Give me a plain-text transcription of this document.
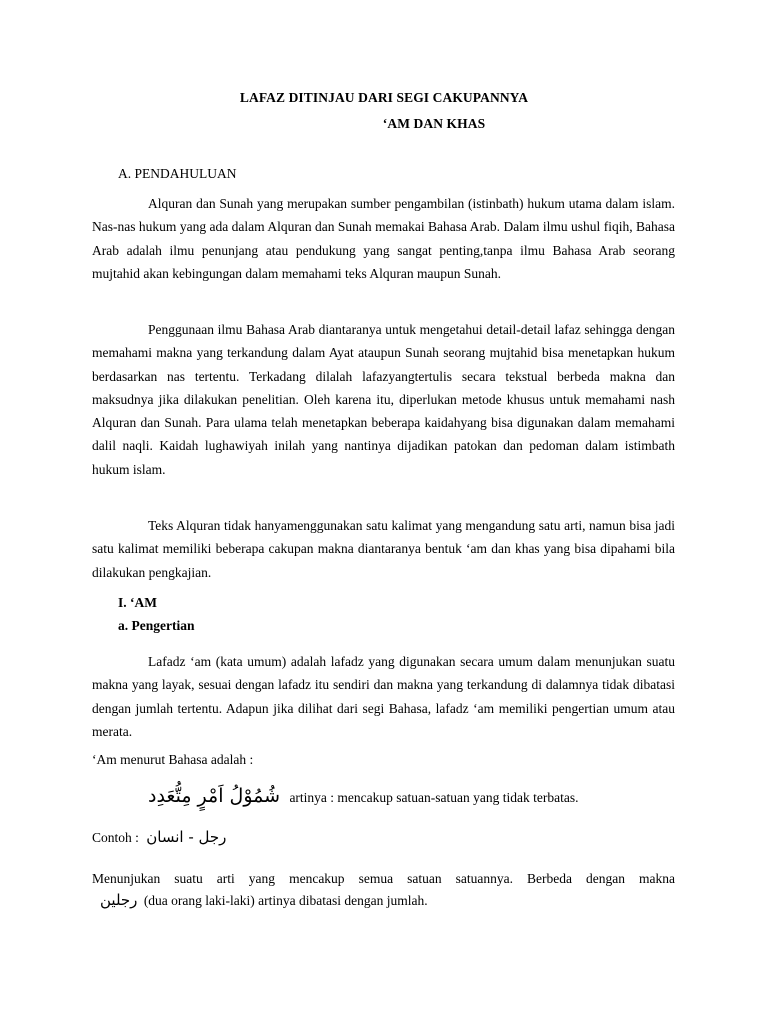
LAFAZ DITINJAU DARI SEGI CAKUPANNYA
‘AM DAN KHAS
A. PENDAHULUAN
Alquran dan Sunah yang merupakan sumber pengambilan (istinbath) hukum utama dalam islam. Nas-nas hukum yang ada dalam Alquran dan Sunah memakai Bahasa Arab. Dalam ilmu ushul fiqih, Bahasa Arab adalah ilmu penunjang atau pendukung yang sangat penting,tanpa ilmu Bahasa Arab seorang mujtahid akan kebingungan dalam memahami teks Alquran maupun Sunah.
Penggunaan ilmu Bahasa Arab diantaranya untuk mengetahui detail-detail lafaz sehingga dengan memahami makna yang terkandung dalam Ayat ataupun Sunah seorang mujtahid bisa menetapkan hukum berdasarkan nas tertentu. Terkadang dilalah lafazyangtertulis secara tekstual berbeda makna dan maksudnya jika dilakukan penelitian. Oleh karena itu, diperlukan metode khusus untuk memahami nash Alquran dan Sunah. Para ulama telah menetapkan beberapa kaidahyang bisa digunakan dalam memahami dalil naqli. Kaidah lughawiyah inilah yang nantinya dijadikan patokan dan pedoman dalam istimbath hukum islam.
Teks Alquran tidak hanyamenggunakan satu kalimat yang mengandung satu arti, namun bisa jadi satu kalimat memiliki beberapa cakupan makna diantaranya bentuk ‘am dan khas yang bisa dipahami bila dilakukan pengkajian.
I. ‘AM
a. Pengertian
Lafadz ‘am (kata umum) adalah lafadz yang digunakan secara umum dalam menunjukan suatu makna yang layak, sesuai dengan lafadz itu sendiri dan makna yang terkandung di dalamnya tidak dibatasi dengan jumlah tertentu. Adapun jika dilihat dari segi Bahasa, lafadz ‘am memiliki pengertian umum atau merata.
‘Am menurut Bahasa adalah :
شُمُوْلُ اَمْرٍ مِتُّعَدِد artinya : mencakup satuan-satuan yang tidak terbatas.
Contoh : رجل - انسان
Menunjukan suatu arti yang mencakup semua satuan satuannya. Berbeda dengan makna
رجلين (dua orang laki-laki) artinya dibatasi dengan jumlah.
